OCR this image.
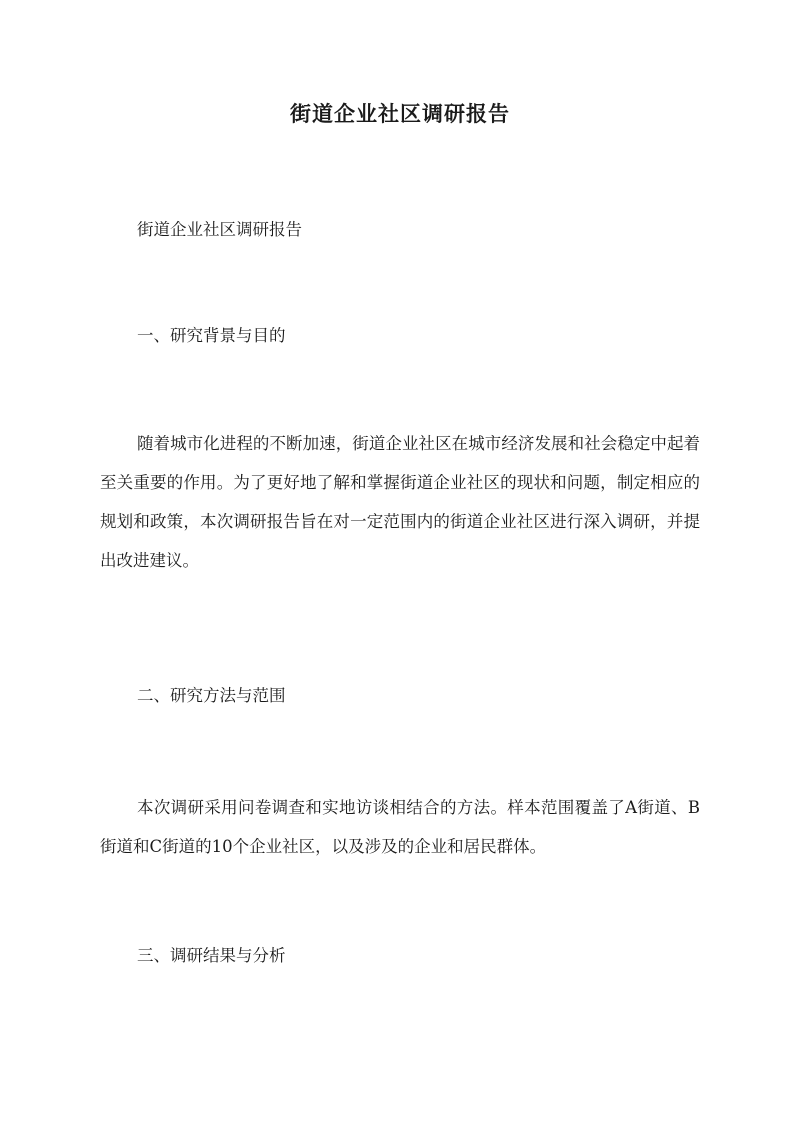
街道企业社区调研报告
街道企业社区调研报告
一、研究背景与目的

随着城市化进程的不断加速，街道企业社区在城市经济发展和社会稳定中起着至关重要的作用。为了更好地了解和掌握街道企业社区的现状和问题，制定相应的规划和政策，本次调研报告旨在对一定范围内的街道企业社区进行深入调研，并提出改进建议。

二、研究方法与范围

本次调研采用问卷调查和实地访谈相结合的方法。样本范围覆盖了A街道、B街道和C街道的10个企业社区，以及涉及的企业和居民群体。

三、调研结果与分析
